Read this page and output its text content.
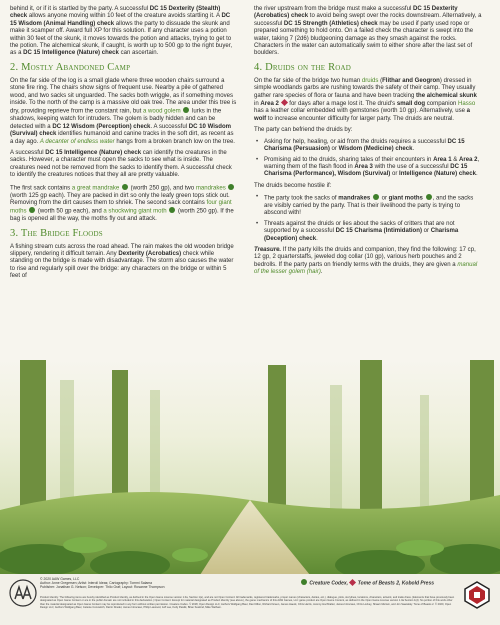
behind it, or if it is startled by the party. A successful DC 15 Dexterity (Stealth) check allows anyone moving within 10 feet of the creature avoids startling it. A DC 15 Wisdom (Animal Handling) check allows the party to dissuade the skunk and make it scamper off. Award full XP for this solution. If any character uses a potion within 30 feet of the skunk, it moves towards the potion and attacks, trying to get to the potion. The alchemical skunk, if caught, is worth up to 500 gp to the right buyer, as a DC 15 Intelligence (Nature) check can ascertain.

2. Mostly Abandoned Camp

On the far side of the log is a small glade where three wooden chairs surround a stone fire ring. The chairs show signs of frequent use. Nearby a pile of gathered wood, and two sacks sit unguarded. The sacks both wriggle, as if something moves inside. To the north of the camp is a massive old oak tree. The area under this tree is dry, providing reprieve from the constant rain, but a wood golem  lurks in the shadows, keeping watch for intruders. The golem is badly hidden and can be detected with a DC 12 Wisdom (Perception) check. A successful DC 10 Wisdom (Survival) check identifies humanoid and canine tracks in the soft dirt, as recent as a day ago. A decanter of endless water hangs from a broken branch low on the tree.

A successful DC 15 Intelligence (Nature) check can identify the creatures in the sacks. However, a character must open the sacks to see what is inside. The creatures need not be removed from the sacks to identify them. A successful check to identify the creatures notices that they all are pretty valuable.

The first sack contains a great mandrake  (worth 250 gp), and two mandrakes  (worth 125 gp each). They are packed in dirt so only the leafy green tops stick out. Removing from the dirt causes them to shriek. The second sack contains four giant moths  (worth 50 gp each), and a shockwing giant moth  (worth 250 gp). If the bag is opened all the way, the moths fly out and attack.

3. The Bridge Floods

A fishing stream cuts across the road ahead. The rain makes the old wooden bridge slippery, rendering it difficult terrain. Any Dexterity (Acrobatics) check while standing on the bridge is made with disadvantage. The storm also causes the water to rise and regularly spill over the bridge: any characters on the bridge or within 5 feet of

the river upstream from the bridge must make a successful DC 15 Dexterity (Acrobatics) check to avoid being swept over the rocks downstream. Alternatively, a successful DC 15 Strength (Athletics) check may be used if party used rope or prepared something to hold onto. On a failed check the character is swept into the water, taking 7 (2d6) bludgeoning damage as they smash against the rocks. Characters in the water can automatically swim to either shore after the last set of boulders.

4. Druids on the Road

On the far side of the bridge two human druids (Flithar and Geogron) dressed in simple woodlands garbs are rushing towards the safety of their camp. They usually gather rare species of flora or fauna and have been tracking the alchemical skunk in Area 2  for days after a mage lost it. The druid's small dog companion Hasso has a leather collar embedded with gemstones (worth 10 gp). Alternatively, use a wolf to increase encounter difficulty for larger party. The druids are neutral.

The party can befriend the druids by:

• Asking for help, healing, or aid from the druids requires a successful DC 15 Charisma (Persuasion) or Wisdom (Medicine) check.
• Promising aid to the druids, sharing tales of their encounters in Area 1 & Area 2, warning them of the flash flood in Area 3 with the use of a successful DC 15 Charisma (Performance), Wisdom (Survival) or Intelligence (Nature) check.

The druids become hostile if:

• The party took the sacks of mandrakes  or giant moths , and the sacks are visibly carried by the party. That is their livelihood the party is trying to abscond with!
• Threats against the druids or lies about the sacks of critters that are not supported by a successful DC 15 Charisma (Intimidation) or Charisma (Deception) check.

Treasure. If the party kills the druids and companion, they find the following: 17 cp, 12 gp, 2 quarterstaffs, jeweled dog collar (10 gp), various herb pouches and 2 bedrolls. If the party parts on friendly terms with the druids, they are given a manual of the lesser golem (hair).

© 2020 AAW Games, LLC
Author: Anne Gregersen; Artist: Interoll Ideas; Cartography: Tommi Salama
Publisher: Jonathan G. Nelson; Developer: Thilo Graf; Layout: Rosanne Thompson
Creature Codex, Tome of Beasts 2, Kobold Press
Product Identity: The following items are hereby identified as Product Identity, as defined in the Open Game License version 1.0a, Section 1(e), and are not Open Content: All trademarks, registered trademarks, proper names (characters, deities, etc.), dialogue, plots, storylines, locations, characters, artwork, and trade dress. (Elements that have previously been designated as Open Game Content or are in the public domain are not included in this declaration.) Open Content: Except for material designated as Product Identity (see above), the game mechanics of this AAW Games, LLC game product are Open Game Content, as defined in the Open Game License version 1.0a Section 1(d). No portion of this work other than the material designated as Open Game Content may be reproduced in any form without written permission. Creature Codex. © 2018, Open Design LLC; Authors Wolfgang Baur, Dan Dillon, Richard Green, James Haeck, Chris Harris, Jeremy Hochhalter, James Introcaso, Chris Lockey, Shawn Merwin, and Jon Sawatsky. Tome of Beasts 2. © 2020, Open Design LLC; Authors Wolfgang Baur, Celeste Conowitch, Darrin Drader, James Introcaso, Philip Larwood, Jeff Lee, Kelly Pawlik, Brian Suskind, Mike Welham.
